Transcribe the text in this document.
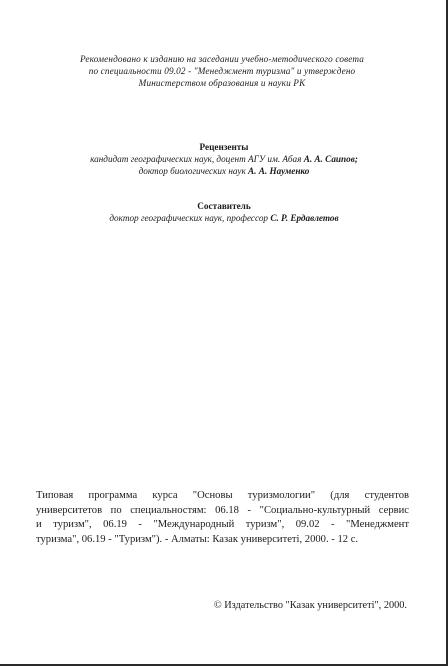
Рекомендовано к изданию на заседании учебно-методического совета
по специальности 09.02 - "Менеджмент туризма" и утверждено
Министерством образования и науки РК
Рецензенты
кандидат географических наук, доцент АГУ им. Абая А. А. Саипов;
доктор биологических наук А. А. Науменко
Составитель
доктор географических наук, профессор С. Р. Ердавлетов
Типовая программа курса "Основы туризмологии" (для студентов
университетов по специальностям: 06.18 - "Социально-культурный сервис
и туризм", 06.19 - "Международный туризм", 09.02 - "Менеджмент
туризма", 06.19 - "Туризм"). - Алматы: Казак университетi, 2000. - 12 с.
© Издательство "Казак университетi", 2000.
